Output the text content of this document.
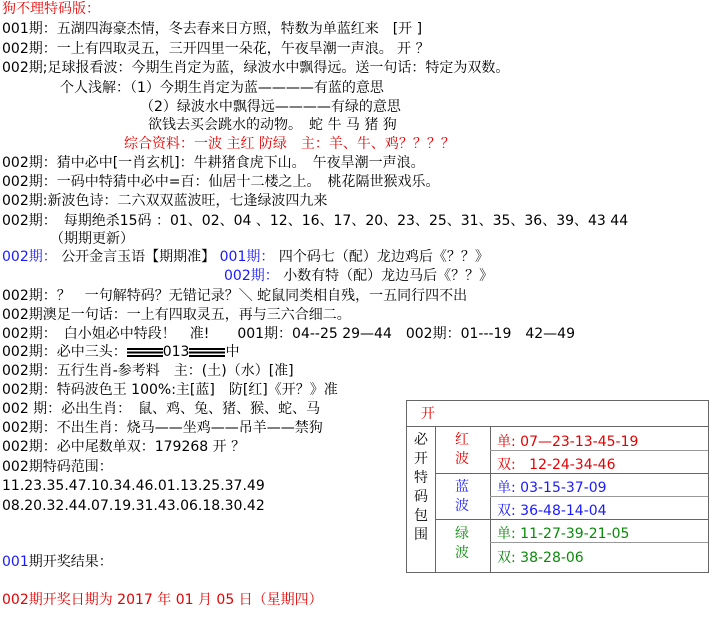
狗不理特码版：
001期：五湖四海豪杰情，冬去春来日方照，特数为单蓝红来　[开 ]
002期：一上有四取灵五，三开四里一朵花，午夜旱潮一声浪。 开 ？
002期;足球报看波：今期生肖定为蓝，绿波水中飘得远。送一句话：特定为双数。
个人浅解：（1）今期生肖定为蓝————有蓝的意思
（2）绿波水中飘得远————有绿的意思
欲钱去买会跳水的动物。　蛇 牛 马 猪 狗
综合资料：一波 主红 防绿　主：羊、牛、鸡？？？？
002期：猜中必中[一肖玄机]：牛耕猪食虎下山。　午夜旱潮一声浪。
002期：一码中特猜中必中=百：仙居十二楼之上。　桃花隔世猴戏乐。
002期:新波色诗：二六双双蓝波旺，七逢绿波四九来
002期：　每期绝杀15码 ：01、02、04 、12、16、17、20、23、25、31、35、36、39、43 44
（期期更新）
002期： 公开金言玉语【期期准】 001期： 四个码七（配）龙边鸡后《？？》
002期： 小数有特（配）龙边马后《？？》
002期：？　一句解特码？无错记录？＼ 蛇鼠同类相自残，一五同行四不出
002期澳足一句话：一上有四取灵五，再与三六合细二。
002期：　白小姐必中特段！　准!　　001期：04--25 29—44　002期：01---19　42—49
002期：必中三头：	013	中
002期：五行生肖-参考料　主：(土)（水）[准]
002期：特码波色王 100%:主[蓝]　防[红]《开？》准
002 期：必出生肖：　鼠、鸡、兔、猪、猴、蛇、马
002期：不出生肖：烧马——坐鸡——吊羊——禁狗
002期：必中尾数单双：179268 开 ？
002期特码范围：
11.23.35.47.10.34.46.01.13.25.37.49
08.20.32.44.07.19.31.43.06.18.30.42
001期开奖结果：
002期开奖日期为 2017 年 01 月 05 日（星期四）
开
必
开
特
码
包
围
红
波
蓝
波
绿
波
单: 07—23-13-45-19
双: 12-24-34-46
单: 03-15-37-09
双: 36-48-14-04
单: 11-27-39-21-05
双: 38-28-06
